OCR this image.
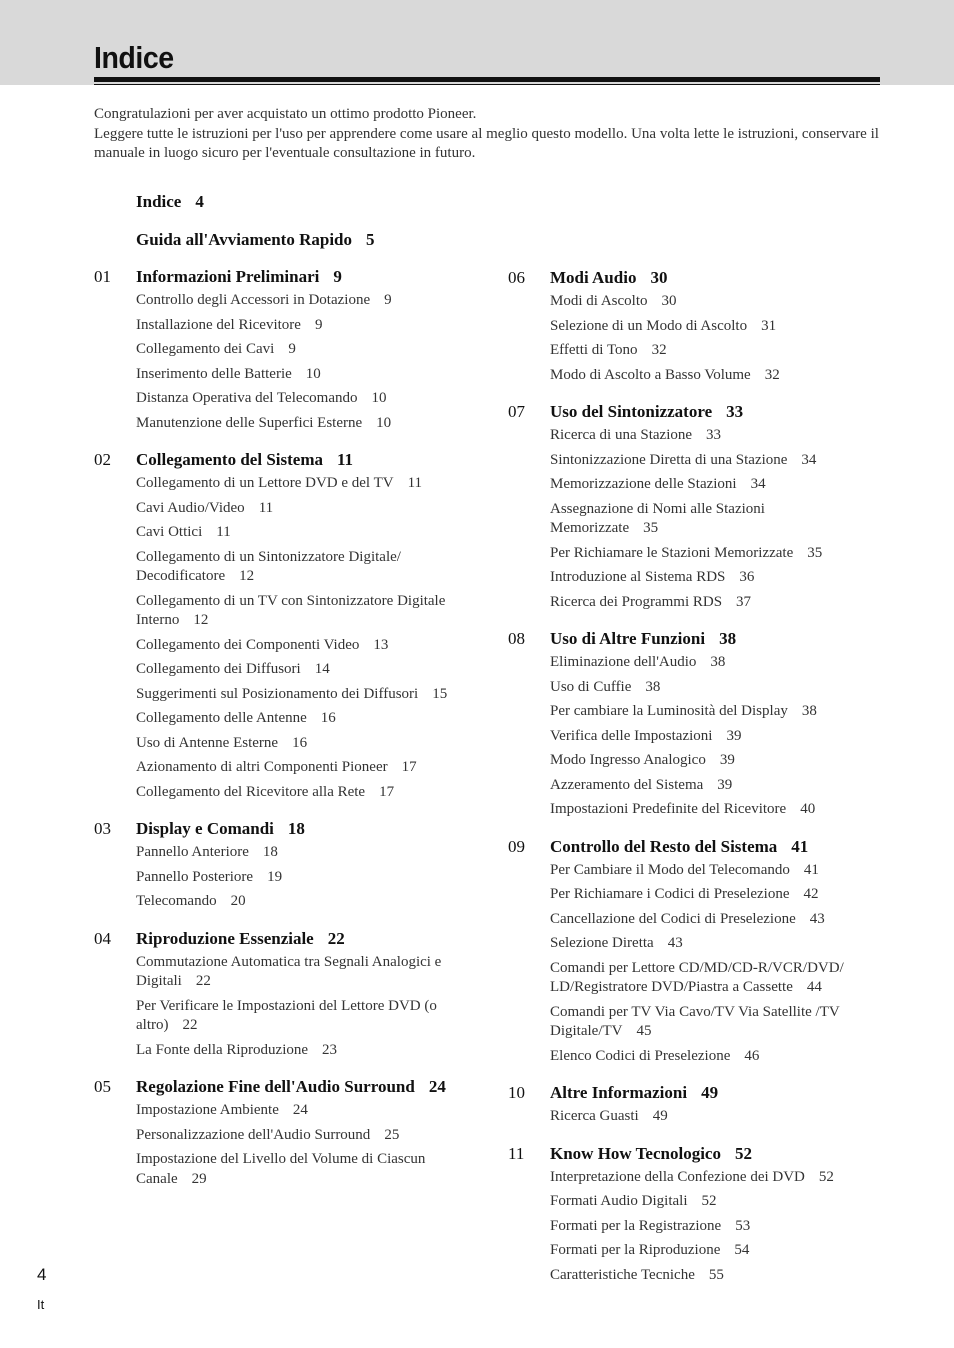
Indice

Congratulazioni per aver acquistato un ottimo prodotto Pioneer.

Leggere tutte le istruzioni per l'uso per apprendere come usare al meglio questo modello. Una volta lette le istruzioni, conservare il manuale in luogo sicuro per l'eventuale consultazione in futuro.

Indice 4
Guida all'Avviamento Rapido 5
01	Informazioni Preliminari 9
Controllo degli Accessori in Dotazione 9
Installazione del Ricevitore 9
Collegamento dei Cavi 9
Inserimento delle Batterie 10
Distanza Operativa del Telecomando 10
Manutenzione delle Superfici Esterne 10
02	Collegamento del Sistema 11
Collegamento di un Lettore DVD e del TV 11
Cavi Audio/Video 11
Cavi Ottici 11
Collegamento di un Sintonizzatore Digitale/ Decodificatore 12
Collegamento di un TV con Sintonizzatore Digitale Interno 12
Collegamento dei Componenti Video 13
Collegamento dei Diffusori 14
Suggerimenti sul Posizionamento dei Diffusori 15
Collegamento delle Antenne 16
Uso di Antenne Esterne 16
Azionamento di altri Componenti Pioneer 17
Collegamento del Ricevitore alla Rete 17
03	Display e Comandi 18
Pannello Anteriore 18
Pannello Posteriore 19
Telecomando 20
04	Riproduzione Essenziale 22
Commutazione Automatica tra Segnali Analogici e Digitali 22
Per Verificare le Impostazioni del Lettore DVD (o altro) 22
La Fonte della Riproduzione 23
05	Regolazione Fine dell'Audio Surround 24
Impostazione Ambiente 24
Personalizzazione dell'Audio Surround 25
Impostazione del Livello del Volume di Ciascun Canale 29
06	Modi Audio 30
Modi di Ascolto 30
Selezione di un Modo di Ascolto 31
Effetti di Tono 32
Modo di Ascolto a Basso Volume 32
07	Uso del Sintonizzatore 33
Ricerca di una Stazione 33
Sintonizzazione Diretta di una Stazione 34
Memorizzazione delle Stazioni 34
Assegnazione di Nomi alle Stazioni Memorizzate 35
Per Richiamare le Stazioni Memorizzate 35
Introduzione al Sistema RDS 36
Ricerca dei Programmi RDS 37
08	Uso di Altre Funzioni 38
Eliminazione dell'Audio 38
Uso di Cuffie 38
Per cambiare la Luminosità del Display 38
Verifica delle Impostazioni 39
Modo Ingresso Analogico 39
Azzeramento del Sistema 39
Impostazioni Predefinite del Ricevitore 40
09	Controllo del Resto del Sistema 41
Per Cambiare il Modo del Telecomando 41
Per Richiamare i Codici di Preselezione 42
Cancellazione del Codici di Preselezione 43
Selezione Diretta 43
Comandi per Lettore CD/MD/CD-R/VCR/DVD/ LD/Registratore DVD/Piastra a Cassette 44
Comandi per TV Via Cavo/TV Via Satellite /TV Digitale/TV 45
Elenco Codici di Preselezione 46
10	Altre Informazioni 49
Ricerca Guasti 49
11	Know How Tecnologico 52
Interpretazione della Confezione dei DVD 52
Formati Audio Digitali 52
Formati per la Registrazione 53
Formati per la Riproduzione 54
Caratteristiche Tecniche 55
4
It
